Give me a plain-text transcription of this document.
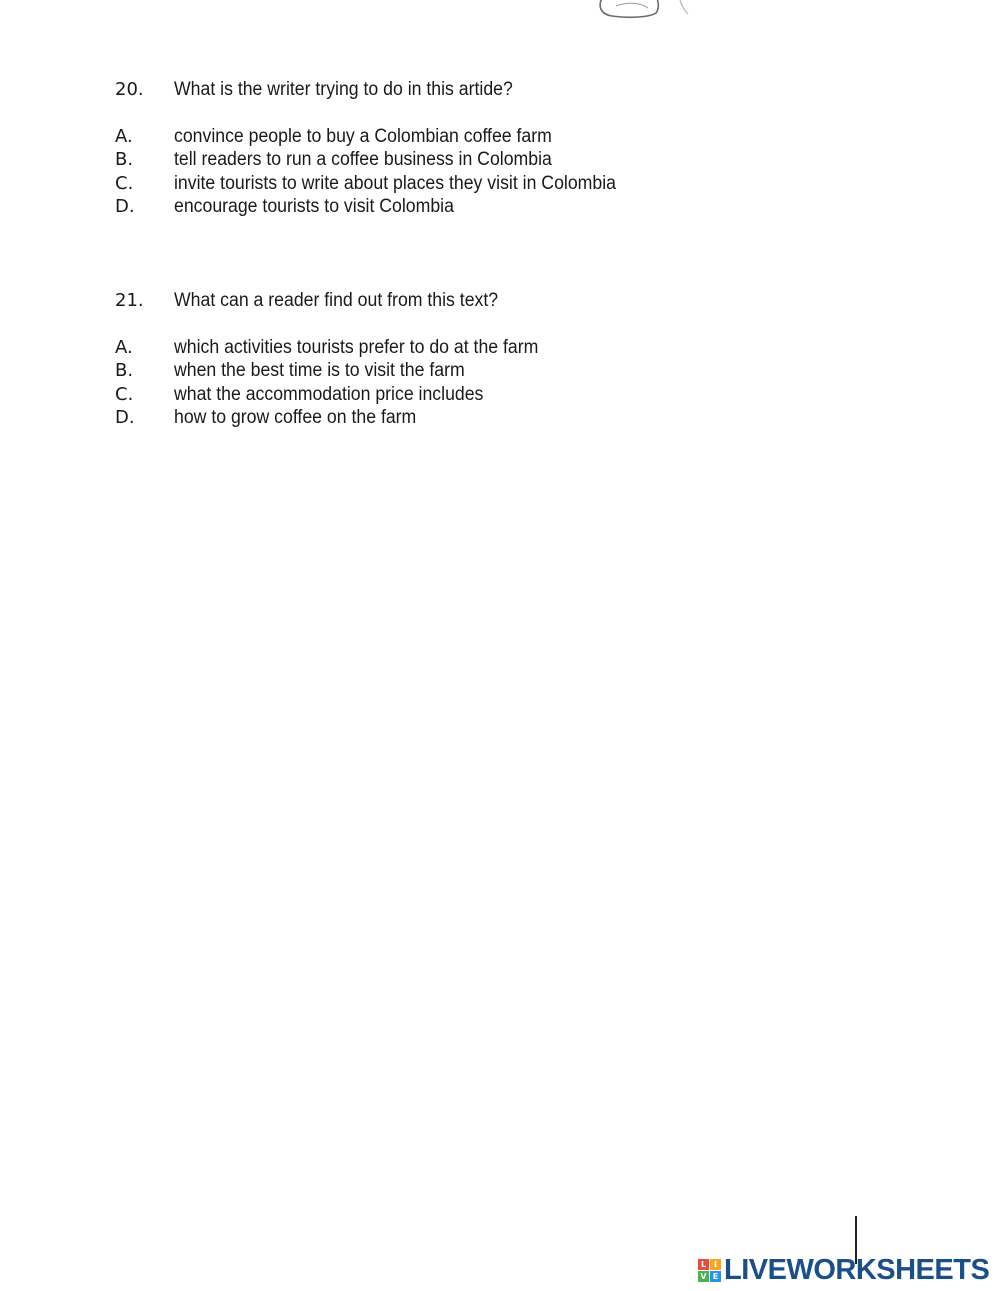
20.	What is the writer trying to do in this artide?
A.	convince people to buy a Colombian coffee farm
B.	tell readers to run a coffee business in Colombia
C.	invite tourists to write about places they visit in Colombia
D.	encourage tourists to visit Colombia
21.	What can a reader find out from this text?
A.	which activities tourists prefer to do at the farm
B.	when the best time is to visit the farm
C.	what the accommodation price includes
D.	how to grow coffee on the farm
L I
V E LIVEWORKSHEETS
